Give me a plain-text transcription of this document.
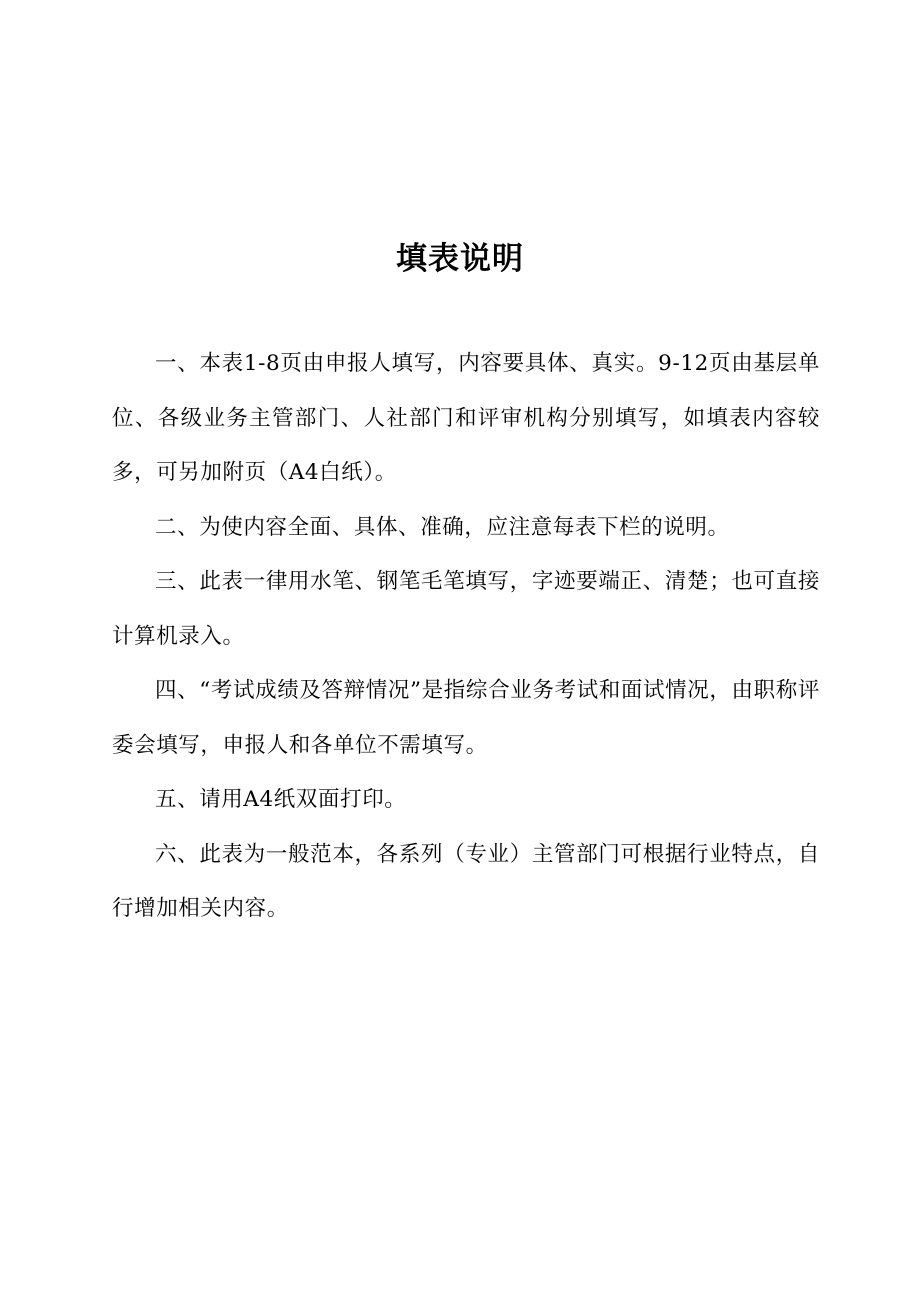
填表说明

一、本表1-8页由申报人填写，内容要具体、真实。9-12页由基层单位、各级业务主管部门、人社部门和评审机构分别填写，如填表内容较多，可另加附页（A4白纸）。

二、为使内容全面、具体、准确，应注意每表下栏的说明。

三、此表一律用水笔、钢笔毛笔填写，字迹要端正、清楚；也可直接计算机录入。

四、“考试成绩及答辩情况”是指综合业务考试和面试情况，由职称评委会填写，申报人和各单位不需填写。

五、请用A4纸双面打印。

六、此表为一般范本，各系列（专业）主管部门可根据行业特点，自行增加相关内容。
